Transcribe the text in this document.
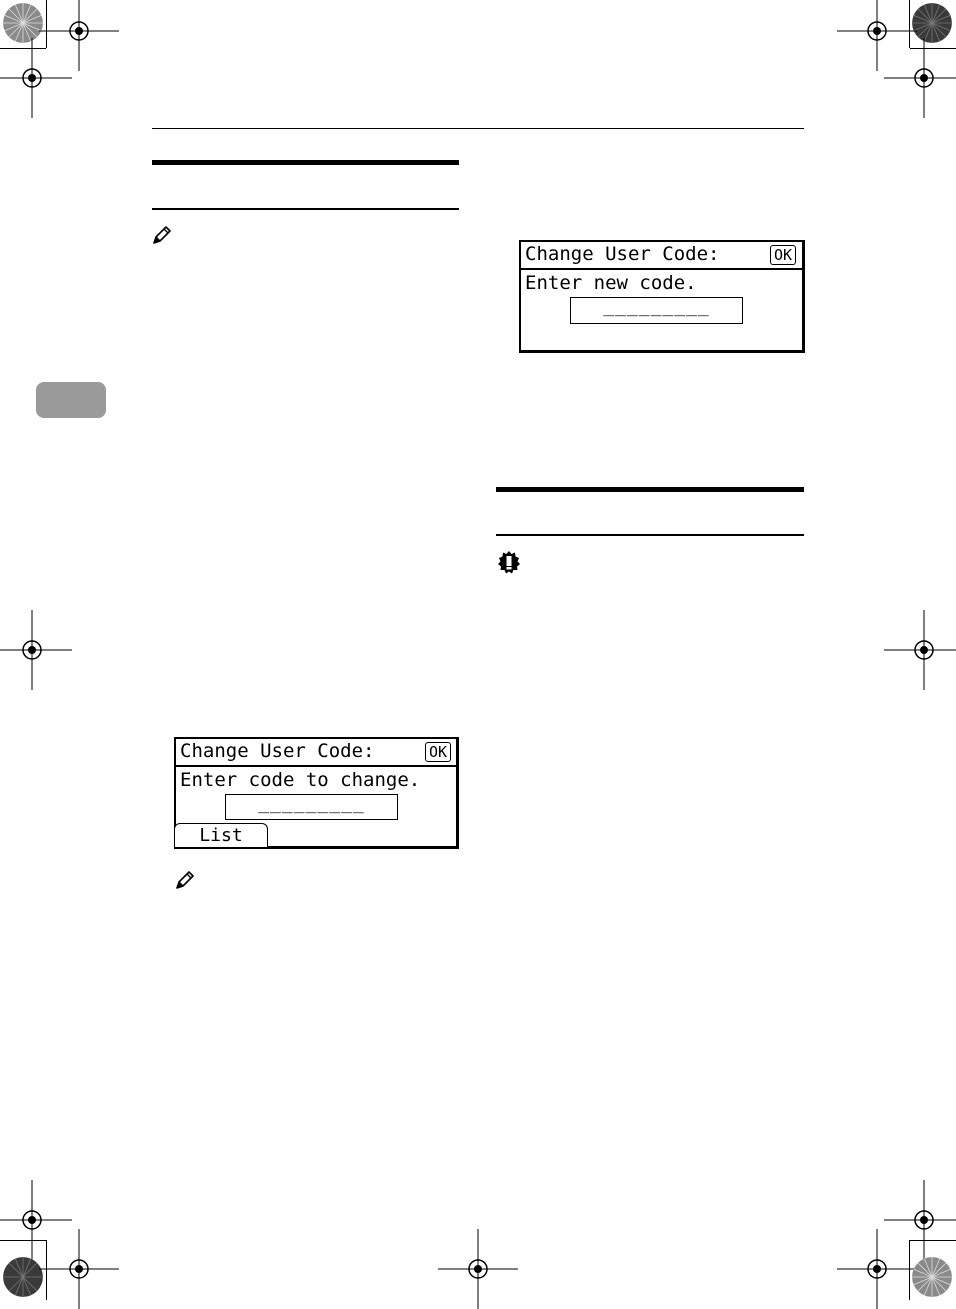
Change User Code:	OK
Enter code to change.
_________
List
Change User Code:	OK
Enter new code.
_________
